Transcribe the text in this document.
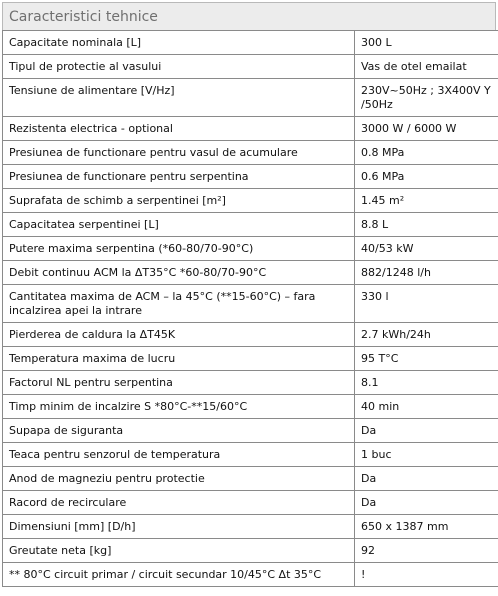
Caracteristici tehnice
Capacitate nominala [L]	300 L
Tipul de protectie al vasului	Vas de otel emailat
Tensiune de alimentare [V/Hz]	230V~50Hz ; 3X400V Y /50Hz
Rezistenta electrica - optional	3000 W / 6000 W
Presiunea de functionare pentru vasul de acumulare	0.8 MPa
Presiunea de functionare pentru serpentina	0.6 MPa
Suprafata de schimb a serpentinei [m²]	1.45 m²
Capacitatea serpentinei [L]	8.8 L
Putere maxima serpentina (*60-80/70-90°C)	40/53 kW
Debit continuu ACM la ΔT35°C *60-80/70-90°C	882/1248 l/h
Cantitatea maxima de ACM – la 45°C (**15-60°C) – fara incalzirea apei la intrare	330 l
Pierderea de caldura la ΔT45K	2.7 kWh/24h
Temperatura maxima de lucru	95 T°C
Factorul NL pentru serpentina	8.1
Timp minim de incalzire S *80°C-**15/60°C	40 min
Supapa de siguranta	Da
Teaca pentru senzorul de temperatura	1 buc
Anod de magneziu pentru protectie	Da
Racord de recirculare	Da
Dimensiuni [mm] [D/h]	650 x 1387 mm
Greutate neta [kg]	92
** 80°C circuit primar / circuit secundar 10/45°C Δt 35°C	!
